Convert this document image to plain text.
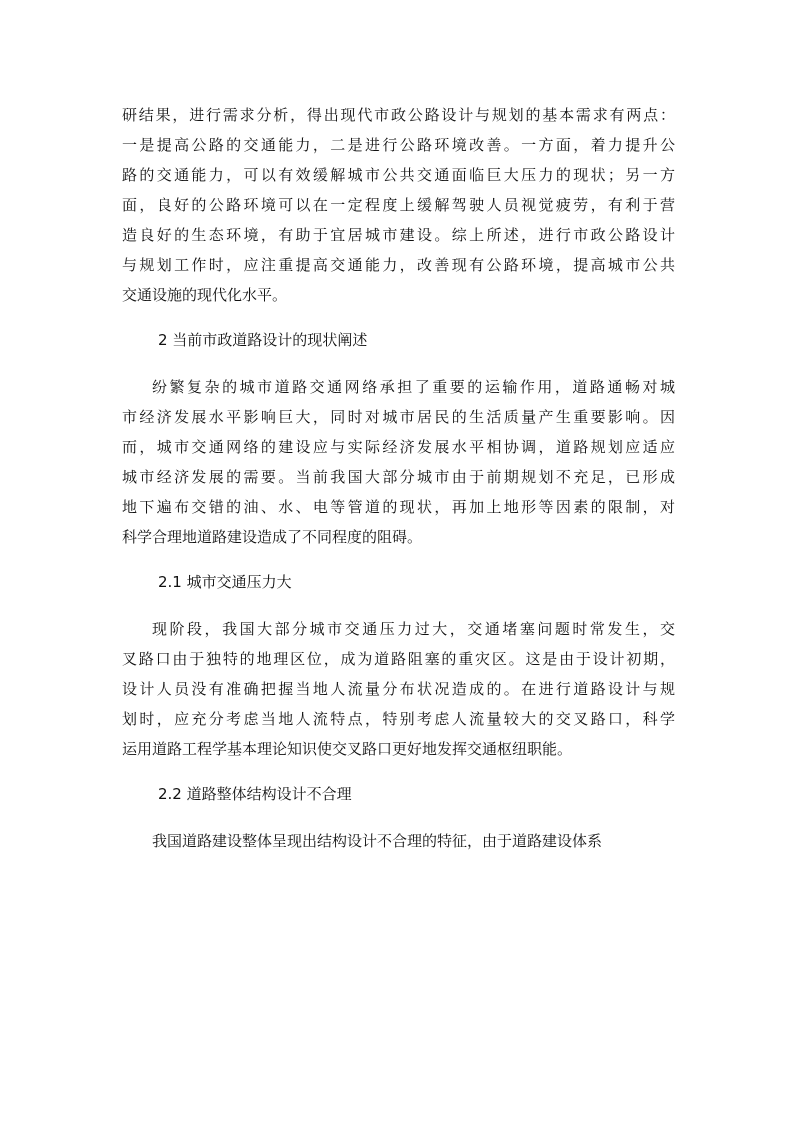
研结果，进行需求分析，得出现代市政公路设计与规划的基本需求有两点：
一是提高公路的交通能力，二是进行公路环境改善。一方面，着力提升公
路的交通能力，可以有效缓解城市公共交通面临巨大压力的现状；另一方
面，良好的公路环境可以在一定程度上缓解驾驶人员视觉疲劳，有利于营
造良好的生态环境，有助于宜居城市建设。综上所述，进行市政公路设计
与规划工作时，应注重提高交通能力，改善现有公路环境，提高城市公共
交通设施的现代化水平。
2 当前市政道路设计的现状阐述
纷繁复杂的城市道路交通网络承担了重要的运输作用，道路通畅对城
市经济发展水平影响巨大，同时对城市居民的生活质量产生重要影响。因
而，城市交通网络的建设应与实际经济发展水平相协调，道路规划应适应
城市经济发展的需要。当前我国大部分城市由于前期规划不充足，已形成
地下遍布交错的油、水、电等管道的现状，再加上地形等因素的限制，对
科学合理地道路建设造成了不同程度的阻碍。
2.1 城市交通压力大
现阶段，我国大部分城市交通压力过大，交通堵塞问题时常发生，交
叉路口由于独特的地理区位，成为道路阻塞的重灾区。这是由于设计初期，
设计人员没有准确把握当地人流量分布状况造成的。在进行道路设计与规
划时，应充分考虑当地人流特点，特别考虑人流量较大的交叉路口，科学
运用道路工程学基本理论知识使交叉路口更好地发挥交通枢纽职能。
2.2 道路整体结构设计不合理
我国道路建设整体呈现出结构设计不合理的特征，由于道路建设体系
